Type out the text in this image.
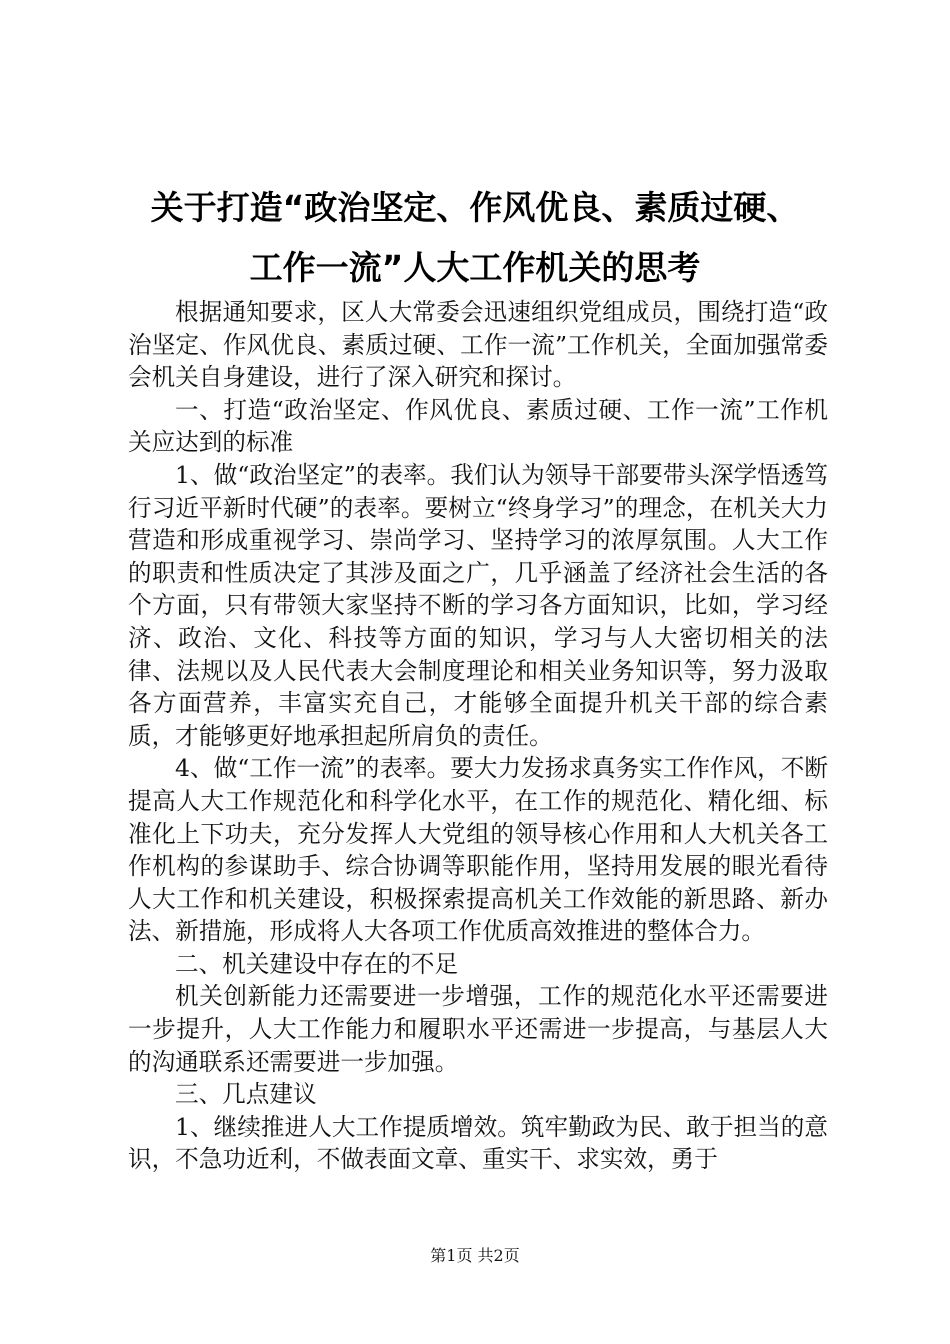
关于打造“政治坚定、作风优良、素质过硬、
工作一流”人大工作机关的思考

根据通知要求，区人大常委会迅速组织党组成员，围绕打造“政治坚定、作风优良、素质过硬、工作一流”工作机关，全面加强常委会机关自身建设，进行了深入研究和探讨。

一、打造“政治坚定、作风优良、素质过硬、工作一流”工作机关应达到的标准

1、做“政治坚定”的表率。我们认为领导干部要带头深学悟透笃行习近平新时代硬”的表率。要树立“终身学习”的理念，在机关大力营造和形成重视学习、崇尚学习、坚持学习的浓厚氛围。人大工作的职责和性质决定了其涉及面之广，几乎涵盖了经济社会生活的各个方面，只有带领大家坚持不断的学习各方面知识，比如，学习经济、政治、文化、科技等方面的知识，学习与人大密切相关的法律、法规以及人民代表大会制度理论和相关业务知识等，努力汲取各方面营养，丰富实充自己，才能够全面提升机关干部的综合素质，才能够更好地承担起所肩负的责任。

4、做“工作一流”的表率。要大力发扬求真务实工作作风，不断提高人大工作规范化和科学化水平，在工作的规范化、精化细、标准化上下功夫，充分发挥人大党组的领导核心作用和人大机关各工作机构的参谋助手、综合协调等职能作用，坚持用发展的眼光看待人大工作和机关建设，积极探索提高机关工作效能的新思路、新办法、新措施，形成将人大各项工作优质高效推进的整体合力。

二、机关建设中存在的不足

机关创新能力还需要进一步增强，工作的规范化水平还需要进一步提升，人大工作能力和履职水平还需进一步提高，与基层人大的沟通联系还需要进一步加强。

三、几点建议

1、继续推进人大工作提质增效。筑牢勤政为民、敢于担当的意识，不急功近利，不做表面文章、重实干、求实效，勇于

第1页 共2页
